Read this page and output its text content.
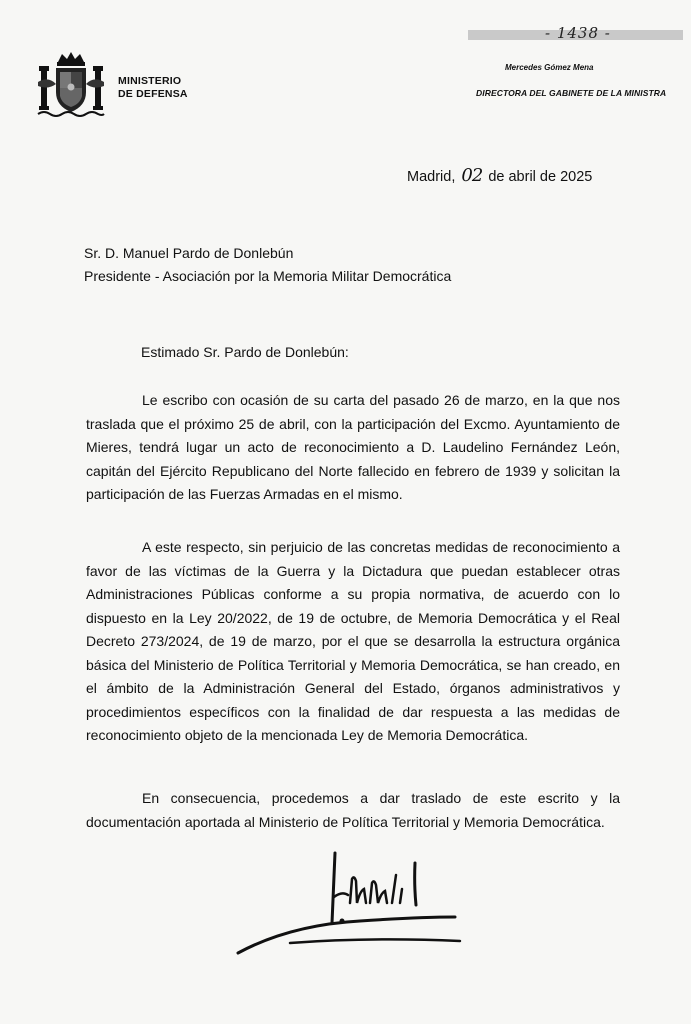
MINISTERIO
DE DEFENSA
- 1438 -
Mercedes Gómez Mena
DIRECTORA DEL GABINETE DE LA MINISTRA
Madrid, 02 de abril de 2025
Sr. D. Manuel Pardo de Donlebún
Presidente - Asociación por la Memoria Militar Democrática
Estimado Sr. Pardo de Donlebún:

Le escribo con ocasión de su carta del pasado 26 de marzo, en la que nos traslada que el próximo 25 de abril, con la participación del Excmo. Ayuntamiento de Mieres, tendrá lugar un acto de reconocimiento a D. Laudelino Fernández León, capitán del Ejército Republicano del Norte fallecido en febrero de 1939 y solicitan la participación de las Fuerzas Armadas en el mismo.

A este respecto, sin perjuicio de las concretas medidas de reconocimiento a favor de las víctimas de la Guerra y la Dictadura que puedan establecer otras Administraciones Públicas conforme a su propia normativa, de acuerdo con lo dispuesto en la Ley 20/2022, de 19 de octubre, de Memoria Democrática y el Real Decreto 273/2024, de 19 de marzo, por el que se desarrolla la estructura orgánica básica del Ministerio de Política Territorial y Memoria Democrática, se han creado, en el ámbito de la Administración General del Estado, órganos administrativos y procedimientos específicos con la finalidad de dar respuesta a las medidas de reconocimiento objeto de la mencionada Ley de Memoria Democrática.

En consecuencia, procedemos a dar traslado de este escrito y la documentación aportada al Ministerio de Política Territorial y Memoria Democrática.
